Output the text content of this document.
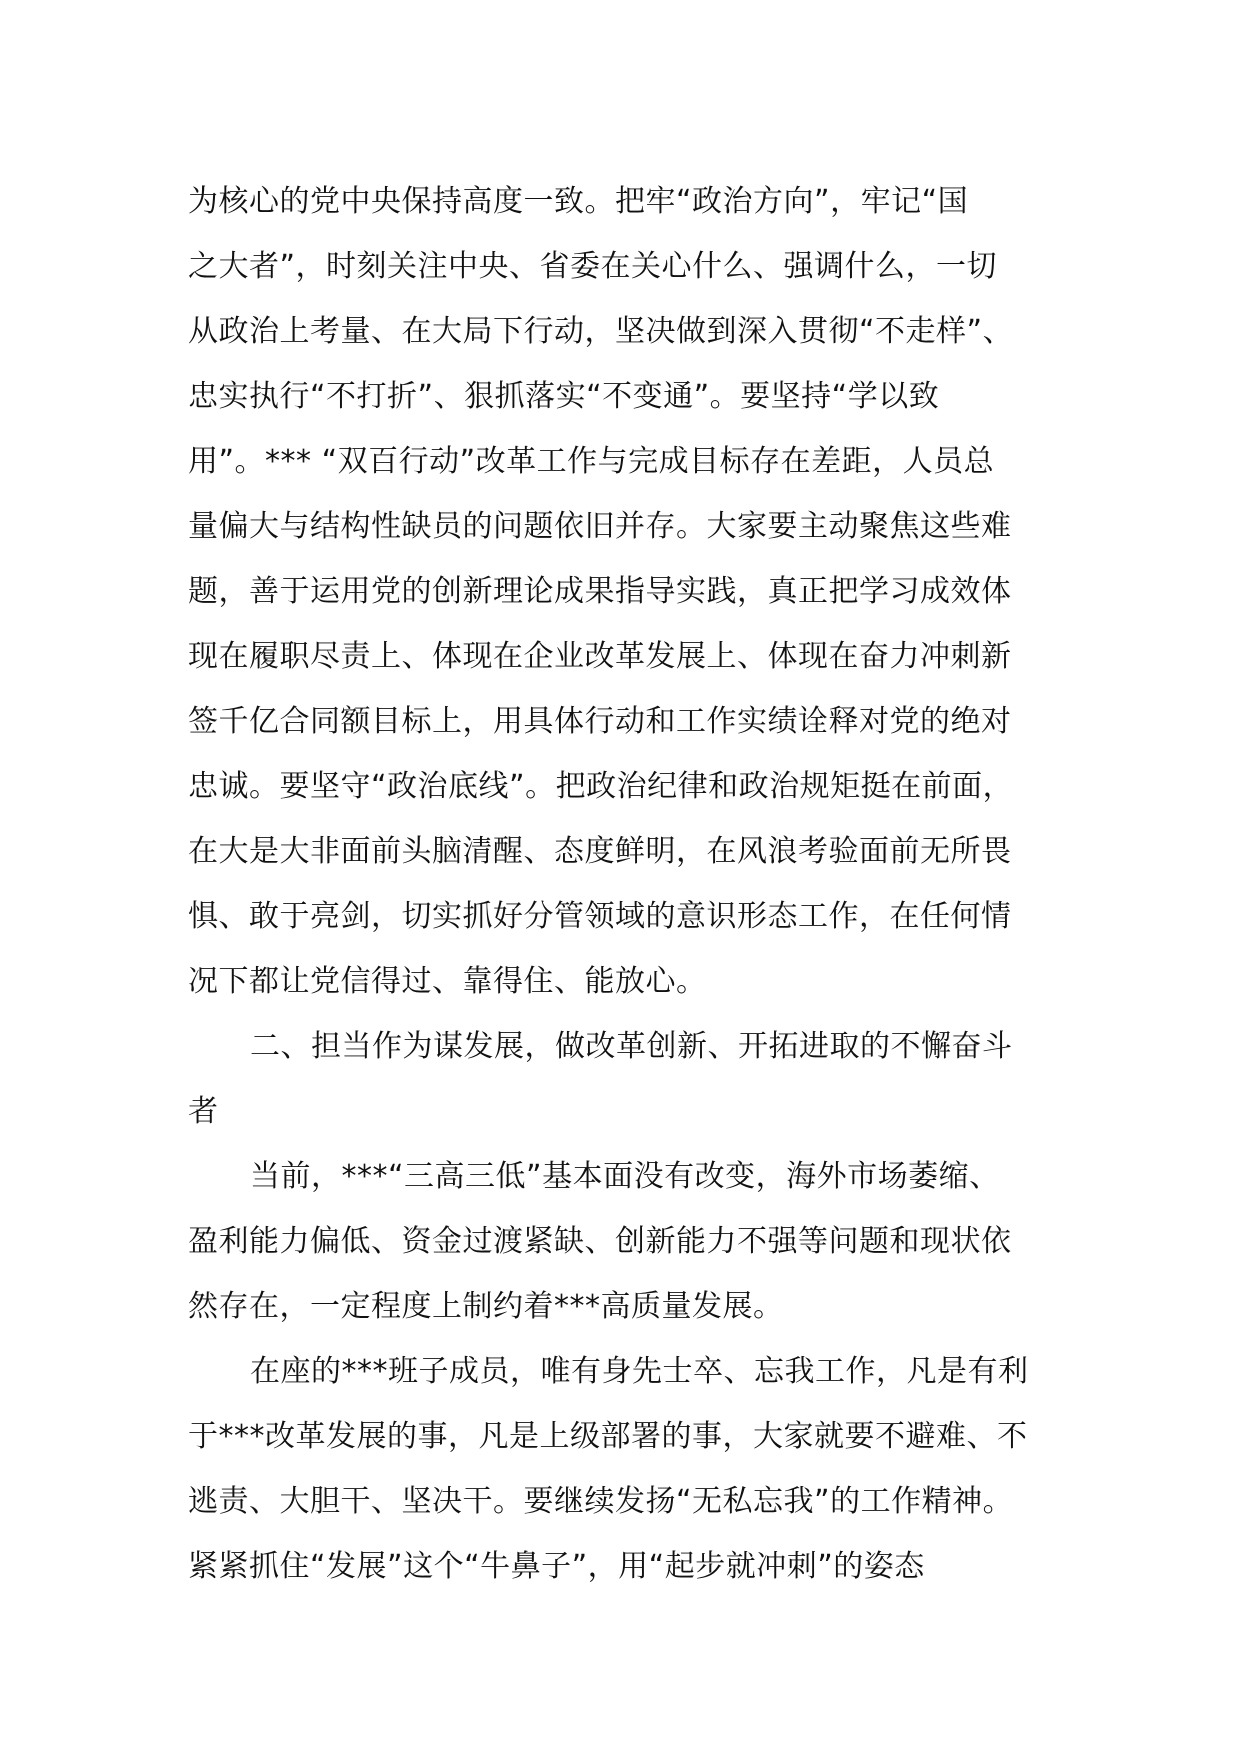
为核心的党中央保持高度一致。把牢“政治方向”，牢记“国
之大者”，时刻关注中央、省委在关心什么、强调什么，一切
从政治上考量、在大局下行动，坚决做到深入贯彻“不走样”、
忠实执行“不打折”、狠抓落实“不变通”。要坚持“学以致
用”。*** “双百行动”改革工作与完成目标存在差距，人员总
量偏大与结构性缺员的问题依旧并存。大家要主动聚焦这些难
题，善于运用党的创新理论成果指导实践，真正把学习成效体
现在履职尽责上、体现在企业改革发展上、体现在奋力冲刺新
签千亿合同额目标上，用具体行动和工作实绩诠释对党的绝对
忠诚。要坚守“政治底线”。把政治纪律和政治规矩挺在前面，
在大是大非面前头脑清醒、态度鲜明，在风浪考验面前无所畏
惧、敢于亮剑，切实抓好分管领域的意识形态工作，在任何情
况下都让党信得过、靠得住、能放心。
二、担当作为谋发展，做改革创新、开拓进取的不懈奋斗
者
当前，***“三高三低”基本面没有改变，海外市场萎缩、
盈利能力偏低、资金过渡紧缺、创新能力不强等问题和现状依
然存在，一定程度上制约着***高质量发展。
在座的***班子成员，唯有身先士卒、忘我工作，凡是有利
于***改革发展的事，凡是上级部署的事，大家就要不避难、不
逃责、大胆干、坚决干。要继续发扬“无私忘我”的工作精神。
紧紧抓住“发展”这个“牛鼻子”，用“起步就冲刺”的姿态
